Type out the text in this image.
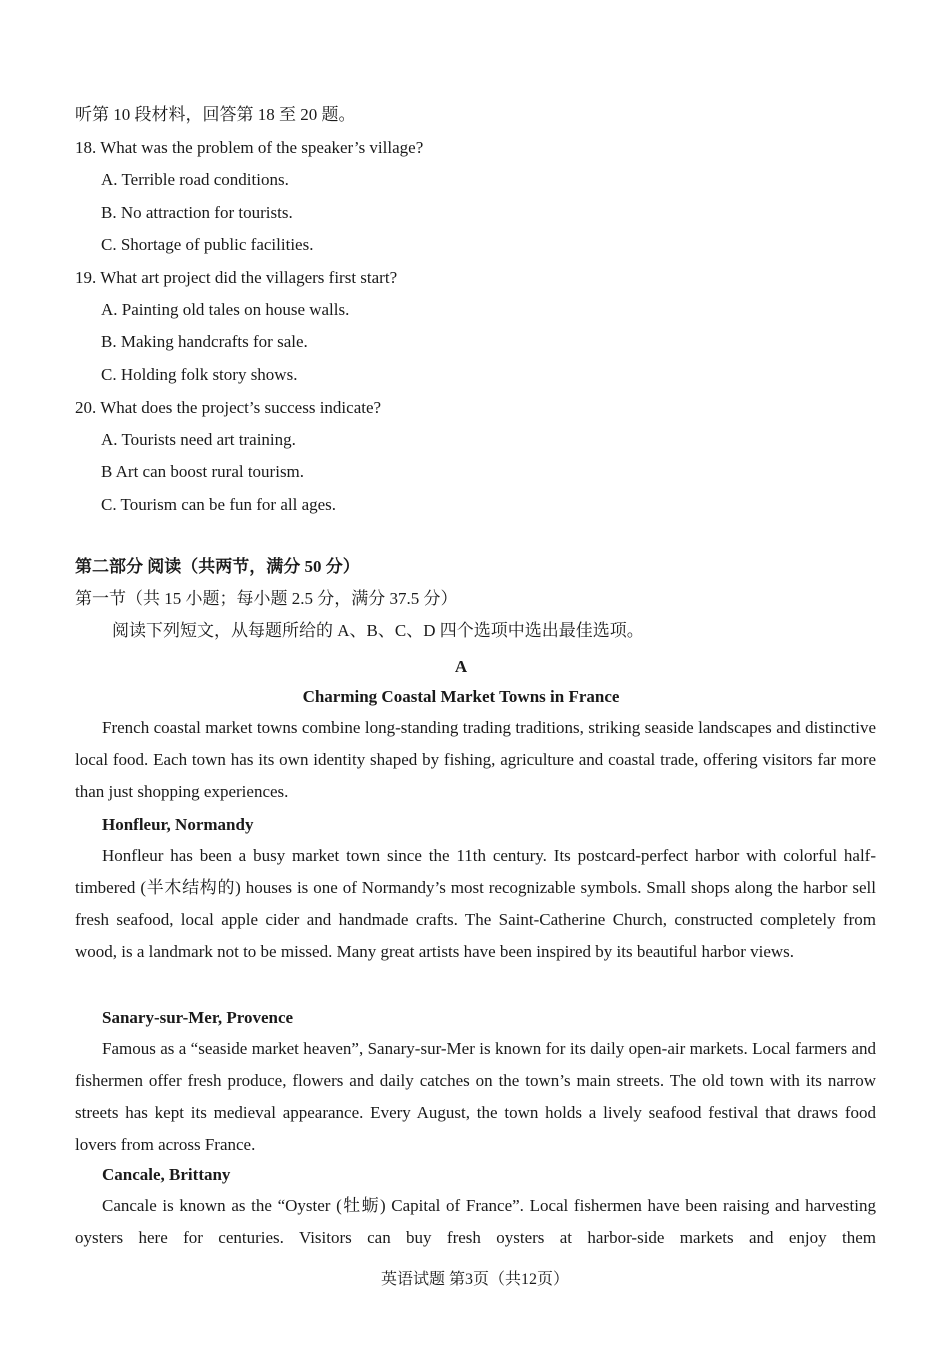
听第 10 段材料，回答第 18 至 20 题。
18. What was the problem of the speaker’s village?
A. Terrible road conditions.
B. No attraction for tourists.
C. Shortage of public facilities.
19. What art project did the villagers first start?
A. Painting old tales on house walls.
B. Making handcrafts for sale.
C. Holding folk story shows.
20. What does the project’s success indicate?
A. Tourists need art training.
B Art can boost rural tourism.
C. Tourism can be fun for all ages.
第二部分 阅读（共两节，满分 50 分）
第一节（共 15 小题；每小题 2.5 分，满分 37.5 分）
阅读下列短文，从每题所给的 A、B、C、D 四个选项中选出最佳选项。
A
Charming Coastal Market Towns in France

French coastal market towns combine long-standing trading traditions, striking seaside landscapes and distinctive local food. Each town has its own identity shaped by fishing, agriculture and coastal trade, offering visitors far more than just shopping experiences.

Honfleur, Normandy

Honfleur has been a busy market town since the 11th century. Its postcard-perfect harbor with colorful half-timbered (半木结构的) houses is one of Normandy’s most recognizable symbols. Small shops along the harbor sell fresh seafood, local apple cider and handmade crafts. The Saint-Catherine Church, constructed completely from wood, is a landmark not to be missed. Many great artists have been inspired by its beautiful harbor views.

Sanary-sur-Mer, Provence

Famous as a “seaside market heaven”, Sanary-sur-Mer is known for its daily open-air markets. Local farmers and fishermen offer fresh produce, flowers and daily catches on the town’s main streets. The old town with its narrow streets has kept its medieval appearance. Every August, the town holds a lively seafood festival that draws food lovers from across France.

Cancale, Brittany

Cancale is known as the “Oyster (牡蛎) Capital of France”. Local fishermen have been raising and harvesting oysters here for centuries. Visitors can buy fresh oysters at harbor-side markets and enjoy them

英语试题 第3页（共12页）
